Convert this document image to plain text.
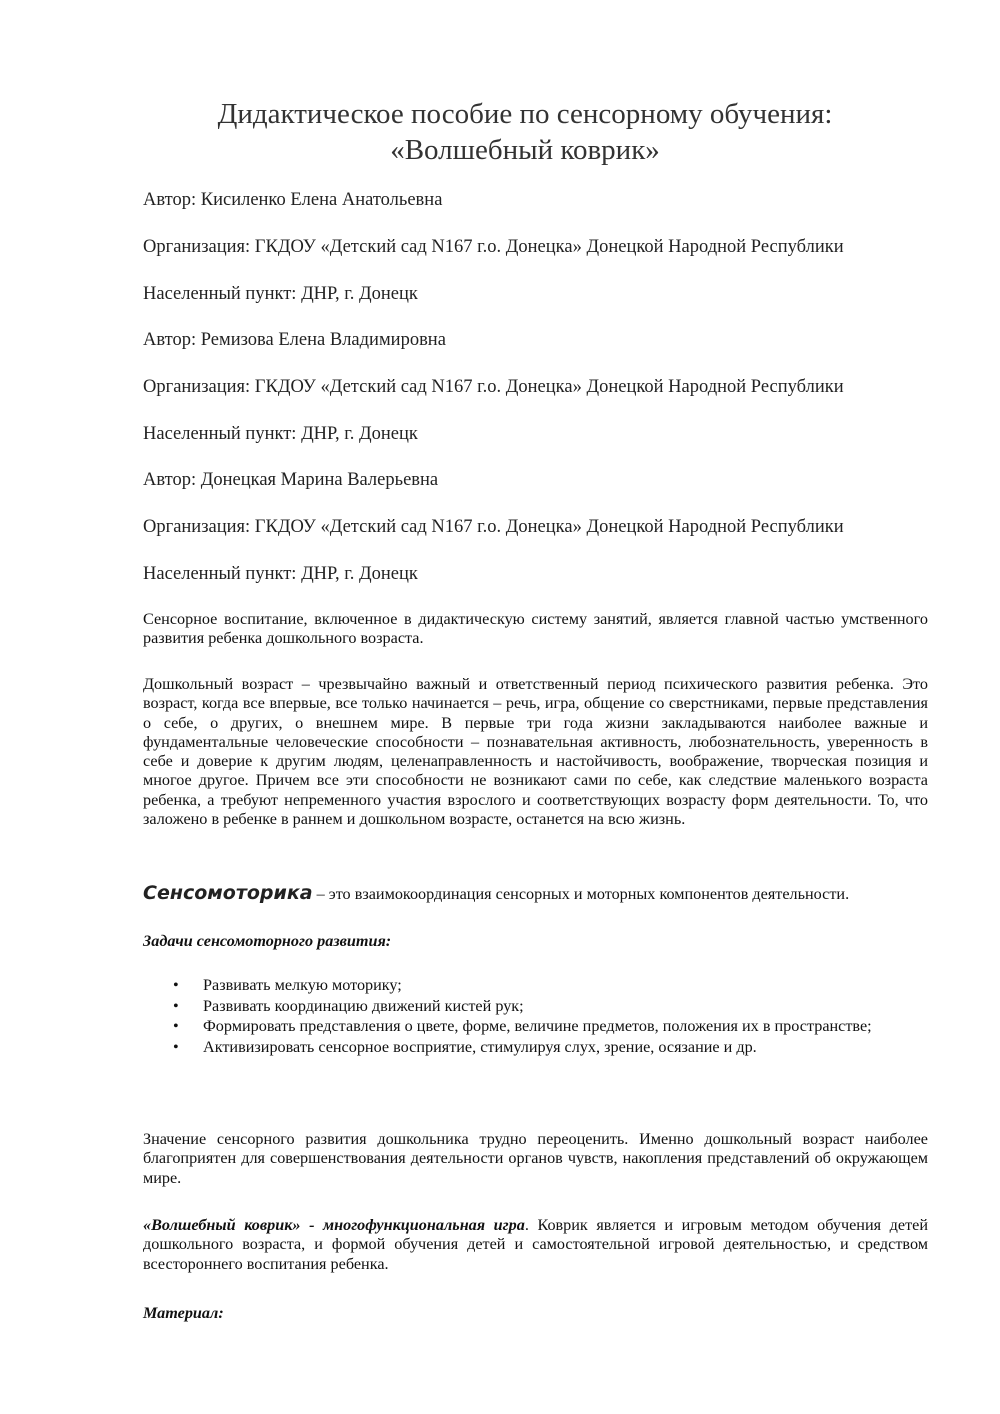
Дидактическое пособие по сенсорному обучения:
«Волшебный коврик»
Автор: Кисиленко Елена Анатольевна
Организация: ГКДОУ «Детский сад N167 г.о. Донецка» Донецкой Народной Республики
Населенный пункт: ДНР, г. Донецк
Автор: Ремизова Елена Владимировна
Организация: ГКДОУ «Детский сад N167 г.о. Донецка» Донецкой Народной Республики
Населенный пункт: ДНР, г. Донецк
Автор: Донецкая Марина Валерьевна
Организация: ГКДОУ «Детский сад N167 г.о. Донецка» Донецкой Народной Республики
Населенный пункт: ДНР, г. Донецк
Сенсорное воспитание, включенное в дидактическую систему занятий, является главной частью умственного развития ребенка дошкольного возраста.
Дошкольный возраст – чрезвычайно важный и ответственный период психического развития ребенка. Это возраст, когда все впервые, все только начинается – речь, игра, общение со сверстниками, первые представления о себе, о других, о внешнем мире. В первые три года жизни закладываются наиболее важные и фундаментальные человеческие способности – познавательная активность, любознательность, уверенность в себе и доверие к другим людям, целенаправленность и настойчивость, воображение, творческая позиция и многое другое. Причем все эти способности не возникают сами по себе, как следствие маленького возраста ребенка, а требуют непременного участия взрослого и соответствующих возрасту форм деятельности. То, что заложено в ребенке в раннем и дошкольном возрасте, останется на всю жизнь.
Сенсомоторика – это взаимокоординация сенсорных и моторных компонентов деятельности.
Задачи сенсомоторного развития:
• Развивать мелкую моторику;
• Развивать координацию движений кистей рук;
• Формировать представления о цвете, форме, величине предметов, положения их в пространстве;
• Активизировать сенсорное восприятие, стимулируя слух, зрение, осязание и др.
Значение сенсорного развития дошкольника трудно переоценить. Именно дошкольный возраст наиболее благоприятен для совершенствования деятельности органов чувств, накопления представлений об окружающем мире.
«Волшебный коврик» - многофункциональная игра. Коврик является и игровым методом обучения детей дошкольного возраста, и формой обучения детей и самостоятельной игровой деятельностью, и средством всестороннего воспитания ребенка.
Материал:
